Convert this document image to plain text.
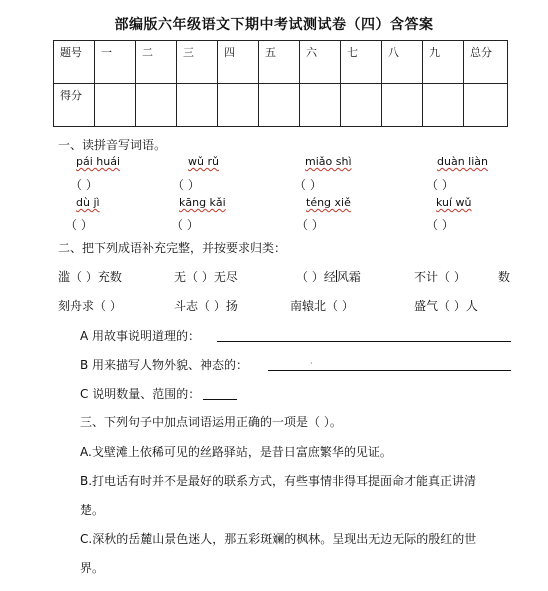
部编版六年级语文下期中考试测试卷（四）含答案
题号	一	二	三	四	五	六	七	八	九	总分
得分										
一、读拼音写词语。
pái huái	wǔ rǔ	miǎo shì	duàn liàn
（ ）	（ ）	（ ）	（ ）
dù jì	kāng kǎi	téng xiě	kuí wǔ
（ ）	（ ）	（ ）	（ ）
二、把下列成语补充完整，并按要求归类：
滥（ ）充数	无（ ）无尽	（ ）经风霜	不计（ ）	数
刻舟求（ ）	斗志（ ）扬	南辕北（ ）	盛气（ ）人
A 用故事说明道理的：
B 用来描写人物外貌、神态的：	·
C 说明数量、范围的：
三、下列句子中加点词语运用正确的一项是（ ）。
A.戈壁滩上依稀可见的丝路驿站，是昔日富庶繁华的见证。
B.打电话有时并不是最好的联系方式，有些事情非得耳提面命才能真正讲清
楚。
C.深秋的岳麓山景色迷人，那五彩斑斓的枫林。呈现出无边无际的殷红的世
界。
